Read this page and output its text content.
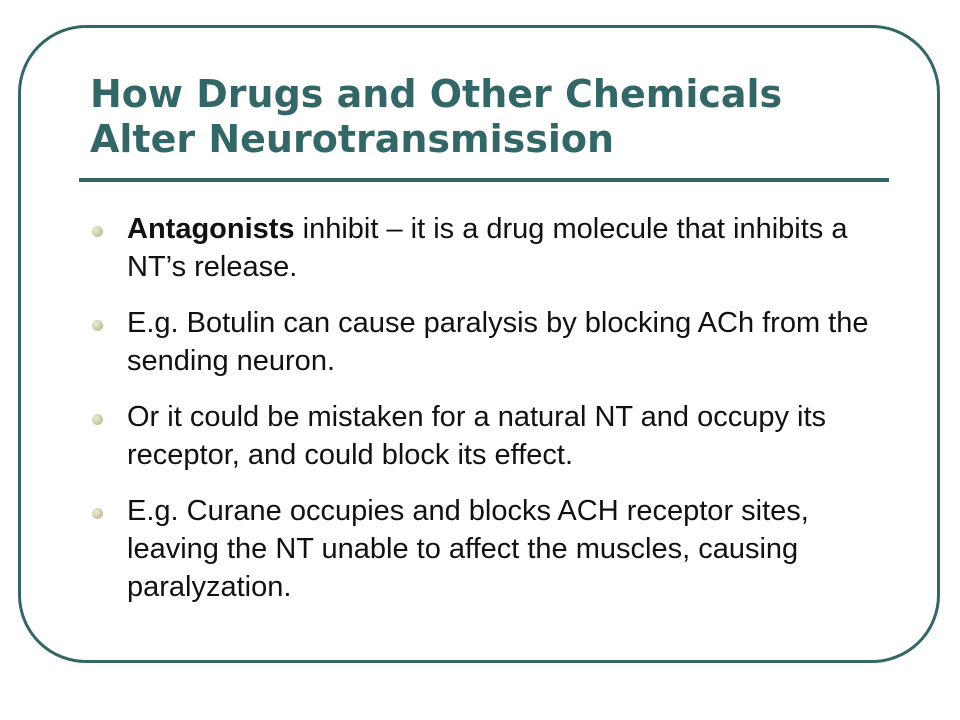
How Drugs and Other Chemicals
Alter Neurotransmission
Antagonists inhibit – it is a drug molecule that inhibits a NT’s release.
E.g. Botulin can cause paralysis by blocking ACh from the sending neuron.
Or it could be mistaken for a natural NT and occupy its receptor, and could block its effect.
E.g. Curane occupies and blocks ACH receptor sites, leaving the NT unable to affect the muscles, causing paralyzation.
